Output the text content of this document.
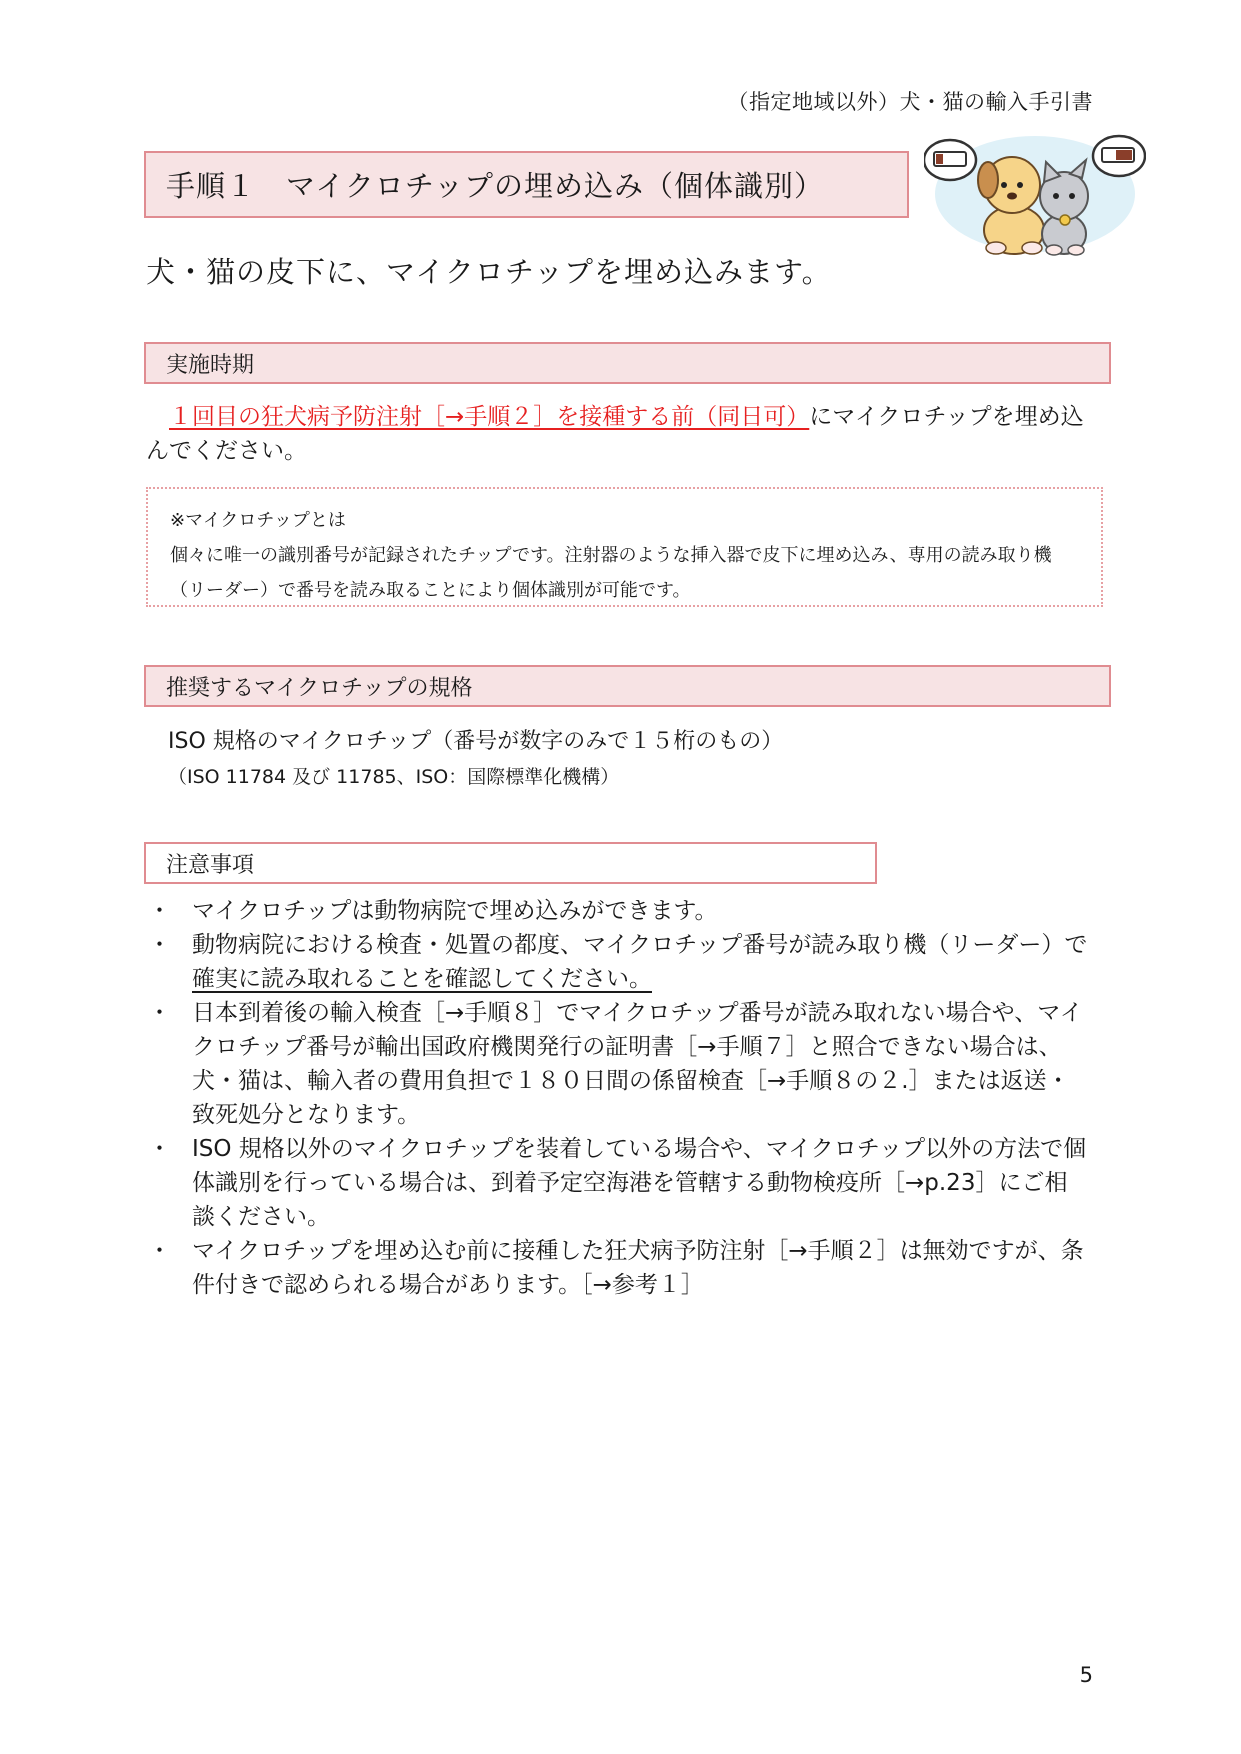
（指定地域以外）犬・猫の輸入手引書
手順１　マイクロチップの埋め込み（個体識別）
犬・猫の皮下に、マイクロチップを埋め込みます。
実施時期
１回目の狂犬病予防注射［→手順２］を接種する前（同日可）にマイクロチップを埋め込んでください。
※マイクロチップとは
個々に唯一の識別番号が記録されたチップです。注射器のような挿入器で皮下に埋め込み、専用の読み取り機
（リーダー）で番号を読み取ることにより個体識別が可能です。
推奨するマイクロチップの規格
ISO 規格のマイクロチップ（番号が数字のみで１５桁のもの）
（ISO 11784 及び 11785、ISO：国際標準化機構）
注意事項
・ マイクロチップは動物病院で埋め込みができます。
・ 動物病院における検査・処置の都度、マイクロチップ番号が読み取り機（リーダー）で
確実に読み取れることを確認してください。
・ 日本到着後の輸入検査［→手順８］でマイクロチップ番号が読み取れない場合や、マイクロチップ番号が輸出国政府機関発行の証明書［→手順７］と照合できない場合は、犬・猫は、輸入者の費用負担で１８０日間の係留検査［→手順８の２.］または返送・致死処分となります。
・ ISO 規格以外のマイクロチップを装着している場合や、マイクロチップ以外の方法で個体識別を行っている場合は、到着予定空海港を管轄する動物検疫所［→p.23］にご相談ください。
・ マイクロチップを埋め込む前に接種した狂犬病予防注射［→手順２］は無効ですが、条件付きで認められる場合があります。［→参考１］
5
